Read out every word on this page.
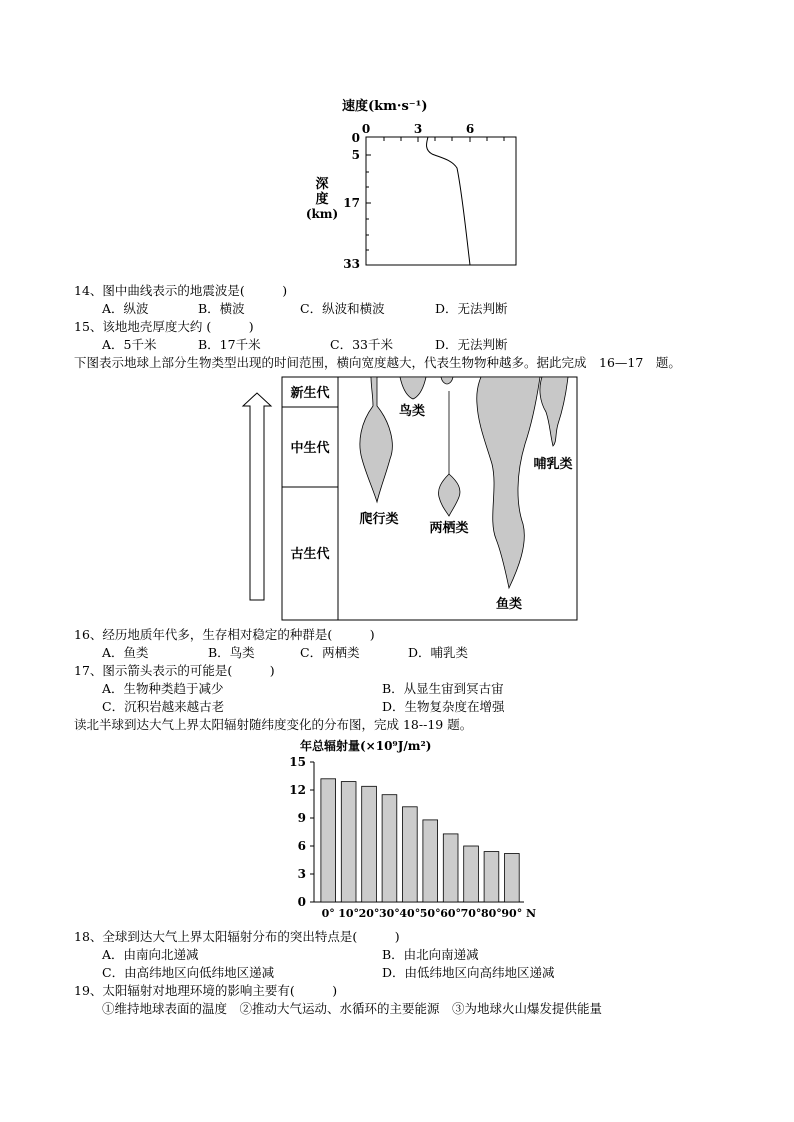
速度(km·s⁻¹)
0	3	6
0
5
17
33
深
度
(km)
14、图中曲线表示的地震波是(　　　)
A．纵波	B．横波	C．纵波和横波	D．无法判断
15、该地地壳厚度大约 (　　　)
A．5千米	B．17千米	C．33千米	D．无法判断
下图表示地球上部分生物类型出现的时间范围，横向宽度越大，代表生物物种越多。据此完成　16—17　题。
新生代
中生代
古生代
鸟类
哺乳类
爬行类
两栖类
鱼类
16、经历地质年代多，生存相对稳定的种群是(　　　)
A．鱼类	B．鸟类	C．两栖类	D．哺乳类
17、图示箭头表示的可能是(　　　)
A．生物种类趋于减少	B．从显生宙到冥古宙
C．沉积岩越来越古老	D．生物复杂度在增强
读北半球到达大气上界太阳辐射随纬度变化的分布图，完成 18--19 题。
年总辐射量(×10⁹J/m²)
0
3
6
9
12
15
0° 10° 20° 30° 40° 50° 60° 70° 80° 90° N
18、全球到达大气上界太阳辐射分布的突出特点是(　　　)
A．由南向北递减	B．由北向南递减
C．由高纬地区向低纬地区递减	D．由低纬地区向高纬地区递减
19、太阳辐射对地理环境的影响主要有(　　　)
①维持地球表面的温度　②推动大气运动、水循环的主要能源　③为地球火山爆发提供能量
